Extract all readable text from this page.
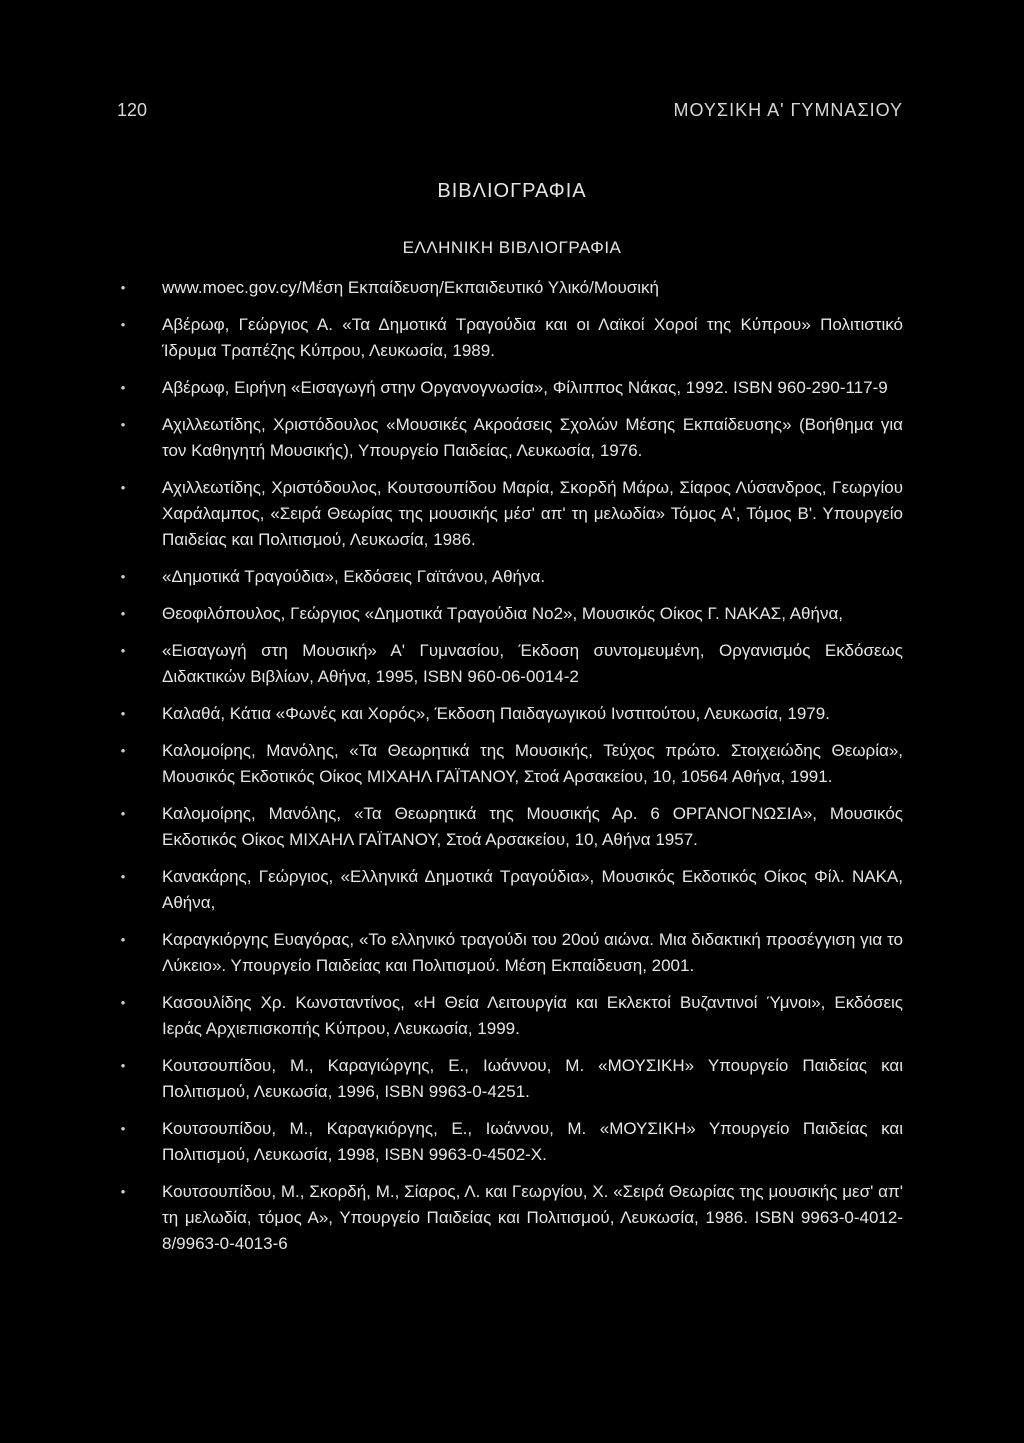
120	ΜΟΥΣΙΚΗ Α' ΓΥΜΝΑΣΙΟΥ
ΒΙΒΛΙΟΓΡΑΦΙΑ
ΕΛΛΗΝΙΚΗ ΒΙΒΛΙΟΓΡΑΦΙΑ
• www.moec.gov.cy/Μέση Εκπαίδευση/Εκπαιδευτικό Υλικό/Μουσική
• Αβέρωφ, Γεώργιος Α. «Τα Δημοτικά Τραγούδια και οι Λαϊκοί Χοροί της Κύπρου» Πολιτιστικό Ίδρυμα Τραπέζης Κύπρου, Λευκωσία, 1989.
• Αβέρωφ, Ειρήνη «Εισαγωγή στην Οργανογνωσία», Φίλιππος Νάκας, 1992. ISBN 960-290-117-9
• Αχιλλεωτίδης, Χριστόδουλος «Μουσικές Ακροάσεις Σχολών Μέσης Εκπαίδευσης» (Βοήθημα για τον Καθηγητή Μουσικής), Υπουργείο Παιδείας, Λευκωσία, 1976.
• Αχιλλεωτίδης, Χριστόδουλος, Κουτσουπίδου Μαρία, Σκορδή Μάρω, Σίαρος Λύσανδρος, Γεωργίου Χαράλαμπος, «Σειρά Θεωρίας της μουσικής μέσ' απ' τη μελωδία» Τόμος Α', Τόμος Β'. Υπουργείο Παιδείας και Πολιτισμού, Λευκωσία, 1986.
• «Δημοτικά Τραγούδια», Εκδόσεις Γαϊτάνου, Αθήνα.
• Θεοφιλόπουλος, Γεώργιος «Δημοτικά Τραγούδια Νο2», Μουσικός Οίκος Γ. ΝΑΚΑΣ, Αθήνα,
• «Εισαγωγή στη Μουσική» Α' Γυμνασίου, Έκδοση συντομευμένη, Οργανισμός Εκδόσεως Διδακτικών Βιβλίων, Αθήνα, 1995, ISBN 960-06-0014-2
• Καλαθά, Κάτια «Φωνές και Χορός», Έκδοση Παιδαγωγικού Ινστιτούτου, Λευκωσία, 1979.
• Καλομοίρης, Μανόλης, «Τα Θεωρητικά της Μουσικής, Τεύχος πρώτο. Στοιχειώδης Θεωρία», Μουσικός Εκδοτικός Οίκος ΜΙΧΑΗΛ ΓΑΪΤΑΝΟΥ, Στοά Αρσακείου, 10, 10564 Αθήνα, 1991.
• Καλομοίρης, Μανόλης, «Τα Θεωρητικά της Μουσικής Αρ. 6 ΟΡΓΑΝΟΓΝΩΣΙΑ», Μουσικός Εκδοτικός Οίκος ΜΙΧΑΗΛ ΓΑΪΤΑΝΟΥ, Στοά Αρσακείου, 10, Αθήνα 1957.
• Κανακάρης, Γεώργιος, «Ελληνικά Δημοτικά Τραγούδια», Μουσικός Εκδοτικός Οίκος Φίλ. ΝΑΚΑ, Αθήνα,
• Καραγκιόργης Ευαγόρας, «Το ελληνικό τραγούδι του 20ού αιώνα. Μια διδακτική προσέγγιση για το Λύκειο». Υπουργείο Παιδείας και Πολιτισμού. Μέση Εκπαίδευση, 2001.
• Κασουλίδης Χρ. Κωνσταντίνος, «Η Θεία Λειτουργία και Εκλεκτοί Βυζαντινοί Ύμνοι», Εκδόσεις Ιεράς Αρχιεπισκοπής Κύπρου, Λευκωσία, 1999.
• Κουτσουπίδου, Μ., Καραγιώργης, Ε., Ιωάννου, Μ. «ΜΟΥΣΙΚΗ» Υπουργείο Παιδείας και Πολιτισμού, Λευκωσία, 1996, ISBN 9963-0-4251.
• Κουτσουπίδου, Μ., Καραγκιόργης, Ε., Ιωάννου, Μ. «ΜΟΥΣΙΚΗ» Υπουργείο Παιδείας και Πολιτισμού, Λευκωσία, 1998, ISBN 9963-0-4502-Χ.
• Κουτσουπίδου, Μ., Σκορδή, Μ., Σίαρος, Λ. και Γεωργίου, Χ. «Σειρά Θεωρίας της μουσικής μεσ' απ' τη μελωδία, τόμος Α», Υπουργείο Παιδείας και Πολιτισμού, Λευκωσία, 1986. ISBN 9963-0-4012-8/9963-0-4013-6
